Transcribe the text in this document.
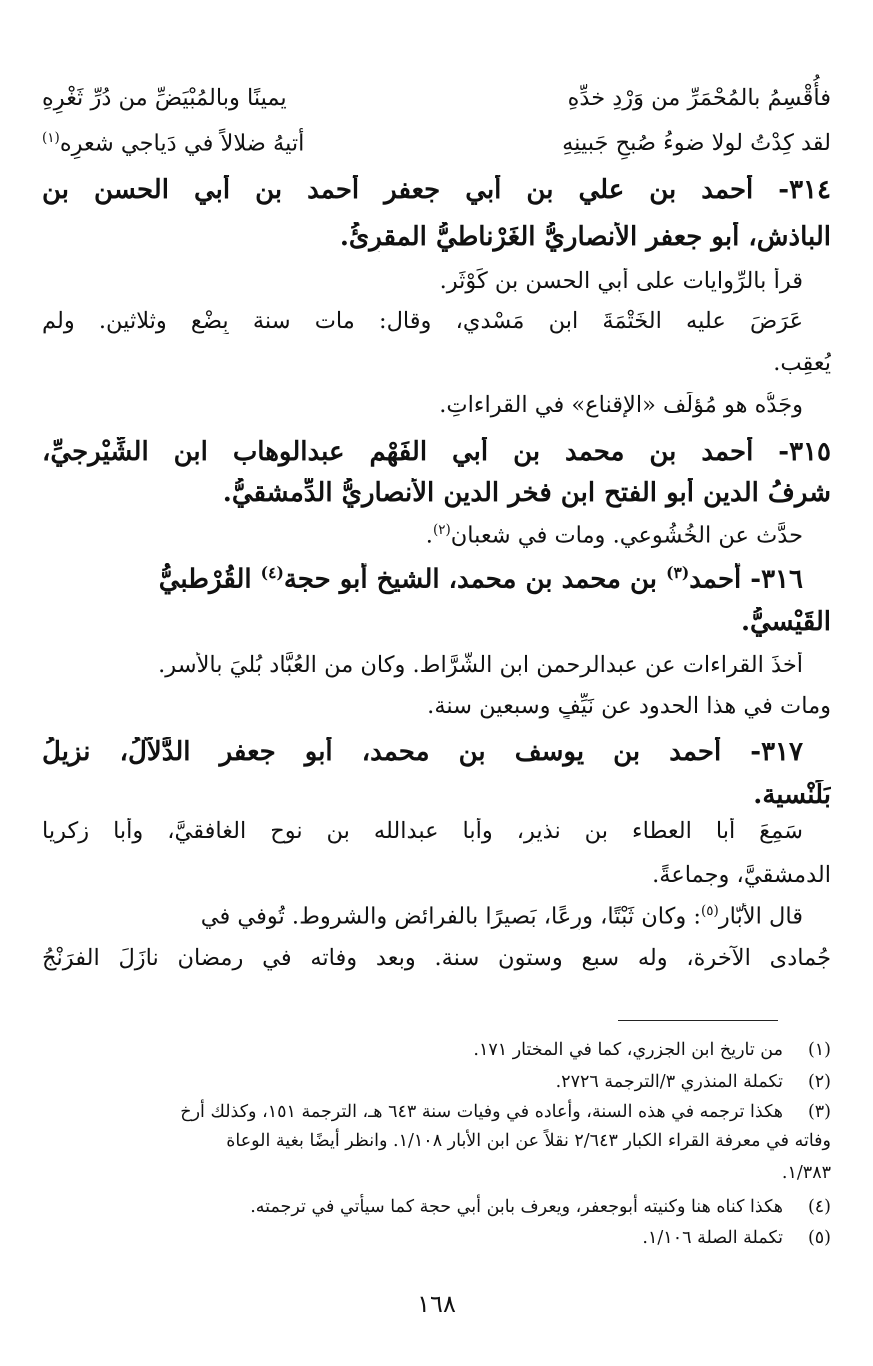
فأُقْسِمُ بالمُحْمَرِّ من وَرْدِ خدِّهِ
يمينًا وبالمُبْيَضِّ من دُرِّ ثَغْرِهِ
لقد كِدْتُ لولا ضوءُ صُبحِ جَبينِهِ
أتيهُ ضلالاً في دَياجي شعرِه$^{(١)}$
٣١٤- أحمد بن علي بن أبي جعفر أحمد بن أبي الحسن بن
الباذش، أبو جعفر الأنصاريُّ الغَرْناطيُّ المقرِئُ.
قرأ بالرِّوايات على أبي الحسن بن كَوْثَر.
عَرَضَ عليه الخَتْمَةَ ابن مَسْدي، وقال: مات سنة بِضْعٍ وثلاثين. ولم
يُعقِب.
وجَدُّه هو مُؤلِّف «الإقناع» في القراءاتِ.
٣١٥- أحمد بن محمد بن أبي الفَهْم عبدالوهاب ابن الشِّيْرجيِّ،
شرفُ الدين أبو الفتح ابن فخر الدين الأنصاريُّ الدِّمشقيُّ.
حدَّث عن الخُشُوعي. ومات في شعبان$^{(٢)}$.
٣١٦- أحمد$^{(٣)}$ بن محمد بن محمد، الشيخ أبو حجة$^{(٤)}$ القُرْطبيُّ
القَيْسيُّ.
أخذَ القراءات عن عبدالرحمن ابن الشَّرَّاط. وكان من العُبَّاد بُليَ بالأسر.
ومات في هذا الحدود عن نَيِّفٍ وسبعين سنة.
٣١٧- أحمد بن يوسف بن محمد، أبو جعفر الدَّلاَّلُ، نزيلُ
بَلَنْسية.
سَمِعَ أبا العطاء بن نذيرٍ، وأبا عبدالله بن نوح الغافقيَّ، وأبا زكريا
الدمشقيَّ، وجماعةً.
قال الأبّار$^{(٥)}$: وكان ثَبْتًا، ورِعًا، بَصيرًا بالفرائض والشروط. تُوفي في
جُمادى الآخرة، وله سبع وستون سنة. وبعد وفاته في رمضان نازَلَ الفرَنْجُ
(١)
من تاريخ ابن الجزري، كما في المختار ١٧١.
(٢)
تكملة المنذري ٣/الترجمة ٢٧٢٦.
(٣)
هكذا ترجمه في هذه السنة، وأعاده في وفيات سنة ٦٤٣ هـ، الترجمة ١٥١، وكذلك أرخ
وفاته في معرفة القراء الكبار ٢/٦٤٣ نقلاً عن ابن الأبار ١/١٠٨. وانظر أيضًا بغية الوعاة
١/٣٨٣.
(٤)
هكذا كناه هنا وكنيته أبوجعفر، ويعرف بابن أبي حجة كما سيأتي في ترجمته.
(٥)
تكملة الصلة ١/١٠٦.
١٦٨
